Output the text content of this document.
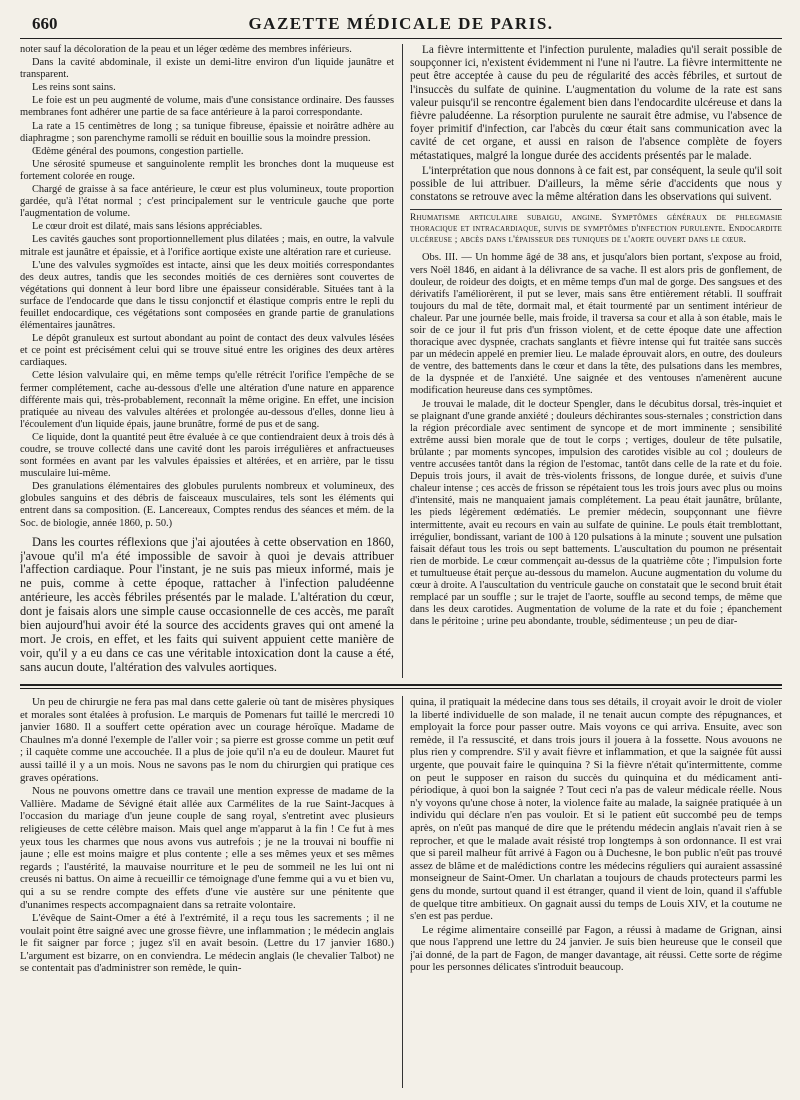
660	GAZETTE MÉDICALE DE PARIS.

noter sauf la décoloration de la peau et un léger œdème des membres inférieurs.

Dans la cavité abdominale, il existe un demi-litre environ d'un liquide jaunâtre et transparent.

Les reins sont sains.

Le foie est un peu augmenté de volume, mais d'une consistance ordinaire. Des fausses membranes font adhérer une partie de sa face antérieure à la paroi correspondante.

La rate a 15 centimètres de long ; sa tunique fibreuse, épaissie et noirâtre adhère au diaphragme ; son parenchyme ramolli se réduit en bouillie sous la moindre pression.

Œdème général des poumons, congestion partielle.

Une sérosité spumeuse et sanguinolente remplit les bronches dont la muqueuse est fortement colorée en rouge.

Chargé de graisse à sa face antérieure, le cœur est plus volumineux, toute proportion gardée, qu'à l'état normal ; c'est principalement sur le ventricule gauche que porte l'augmentation de volume.

Le cœur droit est dilaté, mais sans lésions appréciables.

Les cavités gauches sont proportionnellement plus dilatées ; mais, en outre, la valvule mitrale est jaunâtre et épaissie, et à l'orifice aortique existe une altération rare et curieuse.

L'une des valvules sygmoïdes est intacte, ainsi que les deux moitiés correspondantes des deux autres, tandis que les secondes moitiés de ces dernières sont couvertes de végétations qui donnent à leur bord libre une épaisseur considérable. Situées tant à la surface de l'endocarde que dans le tissu conjonctif et élastique compris entre le repli du feuillet endocardique, ces végétations sont composées en grande partie de granulations élémentaires jaunâtres.

Le dépôt granuleux est surtout abondant au point de contact des deux valvules lésées et ce point est précisément celui qui se trouve situé entre les origines des deux artères cardiaques.

Cette lésion valvulaire qui, en même temps qu'elle rétrécit l'orifice l'empêche de se fermer complétement, cache au-dessous d'elle une altération d'une nature en apparence différente mais qui, très-probablement, reconnaît la même origine. En effet, une incision pratiquée au niveau des valvules altérées et prolongée au-dessous d'elles, donne lieu à l'écoulement d'un liquide épais, jaune brunâtre, formé de pus et de sang.

Ce liquide, dont la quantité peut être évaluée à ce que contiendraient deux à trois dés à coudre, se trouve collecté dans une cavité dont les parois irrégulières et anfractueuses sont formées en avant par les valvules épaissies et altérées, et en arrière, par le tissu musculaire lui-même.

Des granulations élémentaires des globules purulents nombreux et volumineux, des globules sanguins et des débris de faisceaux musculaires, tels sont les éléments qui entrent dans sa composition. (E. Lancereaux, Comptes rendus des séances et mém. de la Soc. de biologie, année 1860, p. 50.)

Dans les courtes réflexions que j'ai ajoutées à cette observation en 1860, j'avoue qu'il m'a été impossible de savoir à quoi je devais attribuer l'affection cardiaque. Pour l'instant, je ne suis pas mieux informé, mais je ne puis, comme à cette époque, rattacher à l'infection paludéenne antérieure, les accès fébriles présentés par le malade. L'altération du cœur, dont je faisais alors une simple cause occasionnelle de ces accès, me paraît bien aujourd'hui avoir été la source des accidents graves qui ont amené la mort. Je crois, en effet, et les faits qui suivent appuient cette manière de voir, qu'il y a eu dans ce cas une véritable intoxication dont la cause a été, sans aucun doute, l'altération des valvules aortiques.

La fièvre intermittente et l'infection purulente, maladies qu'il serait possible de soupçonner ici, n'existent évidemment ni l'une ni l'autre. La fièvre intermittente ne peut être acceptée à cause du peu de régularité des accès fébriles, et surtout de l'insuccès du sulfate de quinine. L'augmentation du volume de la rate est sans valeur puisqu'il se rencontre également bien dans l'endocardite ulcéreuse et dans la fièvre paludéenne. La résorption purulente ne saurait être admise, vu l'absence de foyer primitif d'infection, car l'abcès du cœur était sans communication avec la cavité de cet organe, et aussi en raison de l'absence complète de foyers métastatiques, malgré la longue durée des accidents présentés par le malade.

L'interprétation que nous donnons à ce fait est, par conséquent, la seule qu'il soit possible de lui attribuer. D'ailleurs, la même série d'accidents que nous y constatons se retrouve avec la même altération dans les observations qui suivent.

Rhumatisme articulaire subaigu, angine. Symptômes généraux de phlegmasie thoracique et intracardiaque, suivis de symptômes d'infection purulente. Endocardite ulcéreuse ; abcès dans l'épaisseur des tuniques de l'aorte ouvert dans le cœur.

Obs. III. — Un homme âgé de 38 ans, et jusqu'alors bien portant, s'expose au froid, vers Noël 1846, en aidant à la délivrance de sa vache. Il est alors pris de gonflement, de douleur, de roideur des doigts, et en même temps d'un mal de gorge. Des sangsues et des dérivatifs l'améliorèrent, il put se lever, mais sans être entièrement rétabli. Il souffrait toujours du mal de tête, dormait mal, et était tourmenté par un sentiment intérieur de chaleur. Par une journée belle, mais froide, il traversa sa cour et alla à son étable, mais le soir de ce jour il fut pris d'un frisson violent, et de cette époque date une affection thoracique avec dyspnée, crachats sanglants et fièvre intense qui fut traitée sans succès par un médecin appelé en premier lieu. Le malade éprouvait alors, en outre, des douleurs de ventre, des battements dans le cœur et dans la tête, des pulsations dans les membres, de la dyspnée et de l'anxiété. Une saignée et des ventouses n'amenèrent aucune modification heureuse dans ces symptômes.

Je trouvai le malade, dit le docteur Spengler, dans le décubitus dorsal, très-inquiet et se plaignant d'une grande anxiété ; douleurs déchirantes sous-sternales ; constriction dans la région précordiale avec sentiment de syncope et de mort imminente ; sensibilité extrême aussi bien morale que de tout le corps ; vertiges, douleur de tête pulsatile, brûlante ; par moments syncopes, impulsion des carotides visible au col ; douleurs de ventre accusées tantôt dans la région de l'estomac, tantôt dans celle de la rate et du foie. Depuis trois jours, il avait de très-violents frissons, de longue durée, et suivis d'une chaleur intense ; ces accès de frisson se répétaient tous les trois jours avec plus ou moins d'intensité, mais ne manquaient jamais complétement. La peau était jaunâtre, brûlante, les pieds légèrement œdématiés. Le premier médecin, soupçonnant une fièvre intermittente, avait eu recours en vain au sulfate de quinine. Le pouls était tremblottant, irrégulier, bondissant, variant de 100 à 120 pulsations à la minute ; souvent une pulsation faisait défaut tous les trois ou sept battements. L'auscultation du poumon ne présentait rien de morbide. Le cœur commençait au-dessus de la quatrième côte ; l'impulsion forte et tumultueuse était perçue au-dessous du mamelon. Aucune augmentation du volume du cœur à droite. A l'auscultation du ventricule gauche on constatait que le second bruit était remplacé par un souffle ; sur le trajet de l'aorte, souffle au second temps, de même que dans les deux carotides. Augmentation de volume de la rate et du foie ; épanchement dans le péritoine ; urine peu abondante, trouble, sédimenteuse ; un peu de diar-

Un peu de chirurgie ne fera pas mal dans cette galerie où tant de misères physiques et morales sont étalées à profusion. Le marquis de Pomenars fut taillé le mercredi 10 janvier 1680. Il a souffert cette opération avec un courage héroïque. Madame de Chaulnes m'a donné l'exemple de l'aller voir ; sa pierre est grosse comme un petit œuf ; il caquète comme une accouchée. Il a plus de joie qu'il n'a eu de douleur. Mauret fut aussi taillé il y a un mois. Nous ne savons pas le nom du chirurgien qui pratique ces graves opérations.

Nous ne pouvons omettre dans ce travail une mention expresse de madame de la Vallière. Madame de Sévigné était allée aux Carmélites de la rue Saint-Jacques à l'occasion du mariage d'un jeune couple de sang royal, s'entretint avec plusieurs religieuses de cette célèbre maison. Mais quel ange m'apparut à la fin ! Ce fut à mes yeux tous les charmes que nous avons vus autrefois ; je ne la trouvai ni bouffie ni jaune ; elle est moins maigre et plus contente ; elle a ses mêmes yeux et ses mêmes regards ; l'austérité, la mauvaise nourriture et le peu de sommeil ne les lui ont ni creusés ni battus. On aime à recueillir ce témoignage d'une femme qui a vu et bien vu, qui a su se rendre compte des effets d'une vie austère sur une pénitente que d'unanimes respects accompagnaient dans sa retraite volontaire.

L'évêque de Saint-Omer a été à l'extrémité, il a reçu tous les sacrements ; il ne voulait point être saigné avec une grosse fièvre, une inflammation ; le médecin anglais le fit saigner par force ; jugez s'il en avait besoin. (Lettre du 17 janvier 1680.) L'argument est bizarre, on en conviendra. Le médecin anglais (le chevalier Talbot) ne se contentait pas d'administrer son remède, le quin-

quina, il pratiquait la médecine dans tous ses détails, il croyait avoir le droit de violer la liberté individuelle de son malade, il ne tenait aucun compte des répugnances, et employait la force pour passer outre. Mais voyons ce qui arriva. Ensuite, avec son remède, il l'a ressuscité, et dans trois jours il jouera à la fossette. Nous avouons ne plus rien y comprendre. S'il y avait fièvre et inflammation, et que la saignée fût aussi urgente, que pouvait faire le quinquina ? Si la fièvre n'était qu'intermittente, comme on peut le supposer en raison du succès du quinquina et du médicament anti-périodique, à quoi bon la saignée ? Tout ceci n'a pas de valeur médicale réelle. Nous n'y voyons qu'une chose à noter, la violence faite au malade, la saignée pratiquée à un individu qui déclare n'en pas vouloir. Et si le patient eût succombé peu de temps après, on n'eût pas manqué de dire que le prétendu médecin anglais n'avait rien à se reprocher, et que le malade avait résisté trop longtemps à son ordonnance. Il est vrai que si pareil malheur fût arrivé à Fagon ou à Duchesne, le bon public n'eût pas trouvé assez de blâme et de malédictions contre les médecins réguliers qui auraient assassiné monseigneur de Saint-Omer. Un charlatan a toujours de chauds protecteurs parmi les gens du monde, surtout quand il est étranger, quand il vient de loin, quand il s'affuble de quelque titre ambitieux. On gagnait aussi du temps de Louis XIV, et la coutume ne s'en est pas perdue.

Le régime alimentaire conseillé par Fagon, a réussi à madame de Grignan, ainsi que nous l'apprend une lettre du 24 janvier. Je suis bien heureuse que le conseil que j'ai donné, de la part de Fagon, de manger davantage, ait réussi. Cette sorte de régime pour les personnes délicates s'introduit beaucoup.
